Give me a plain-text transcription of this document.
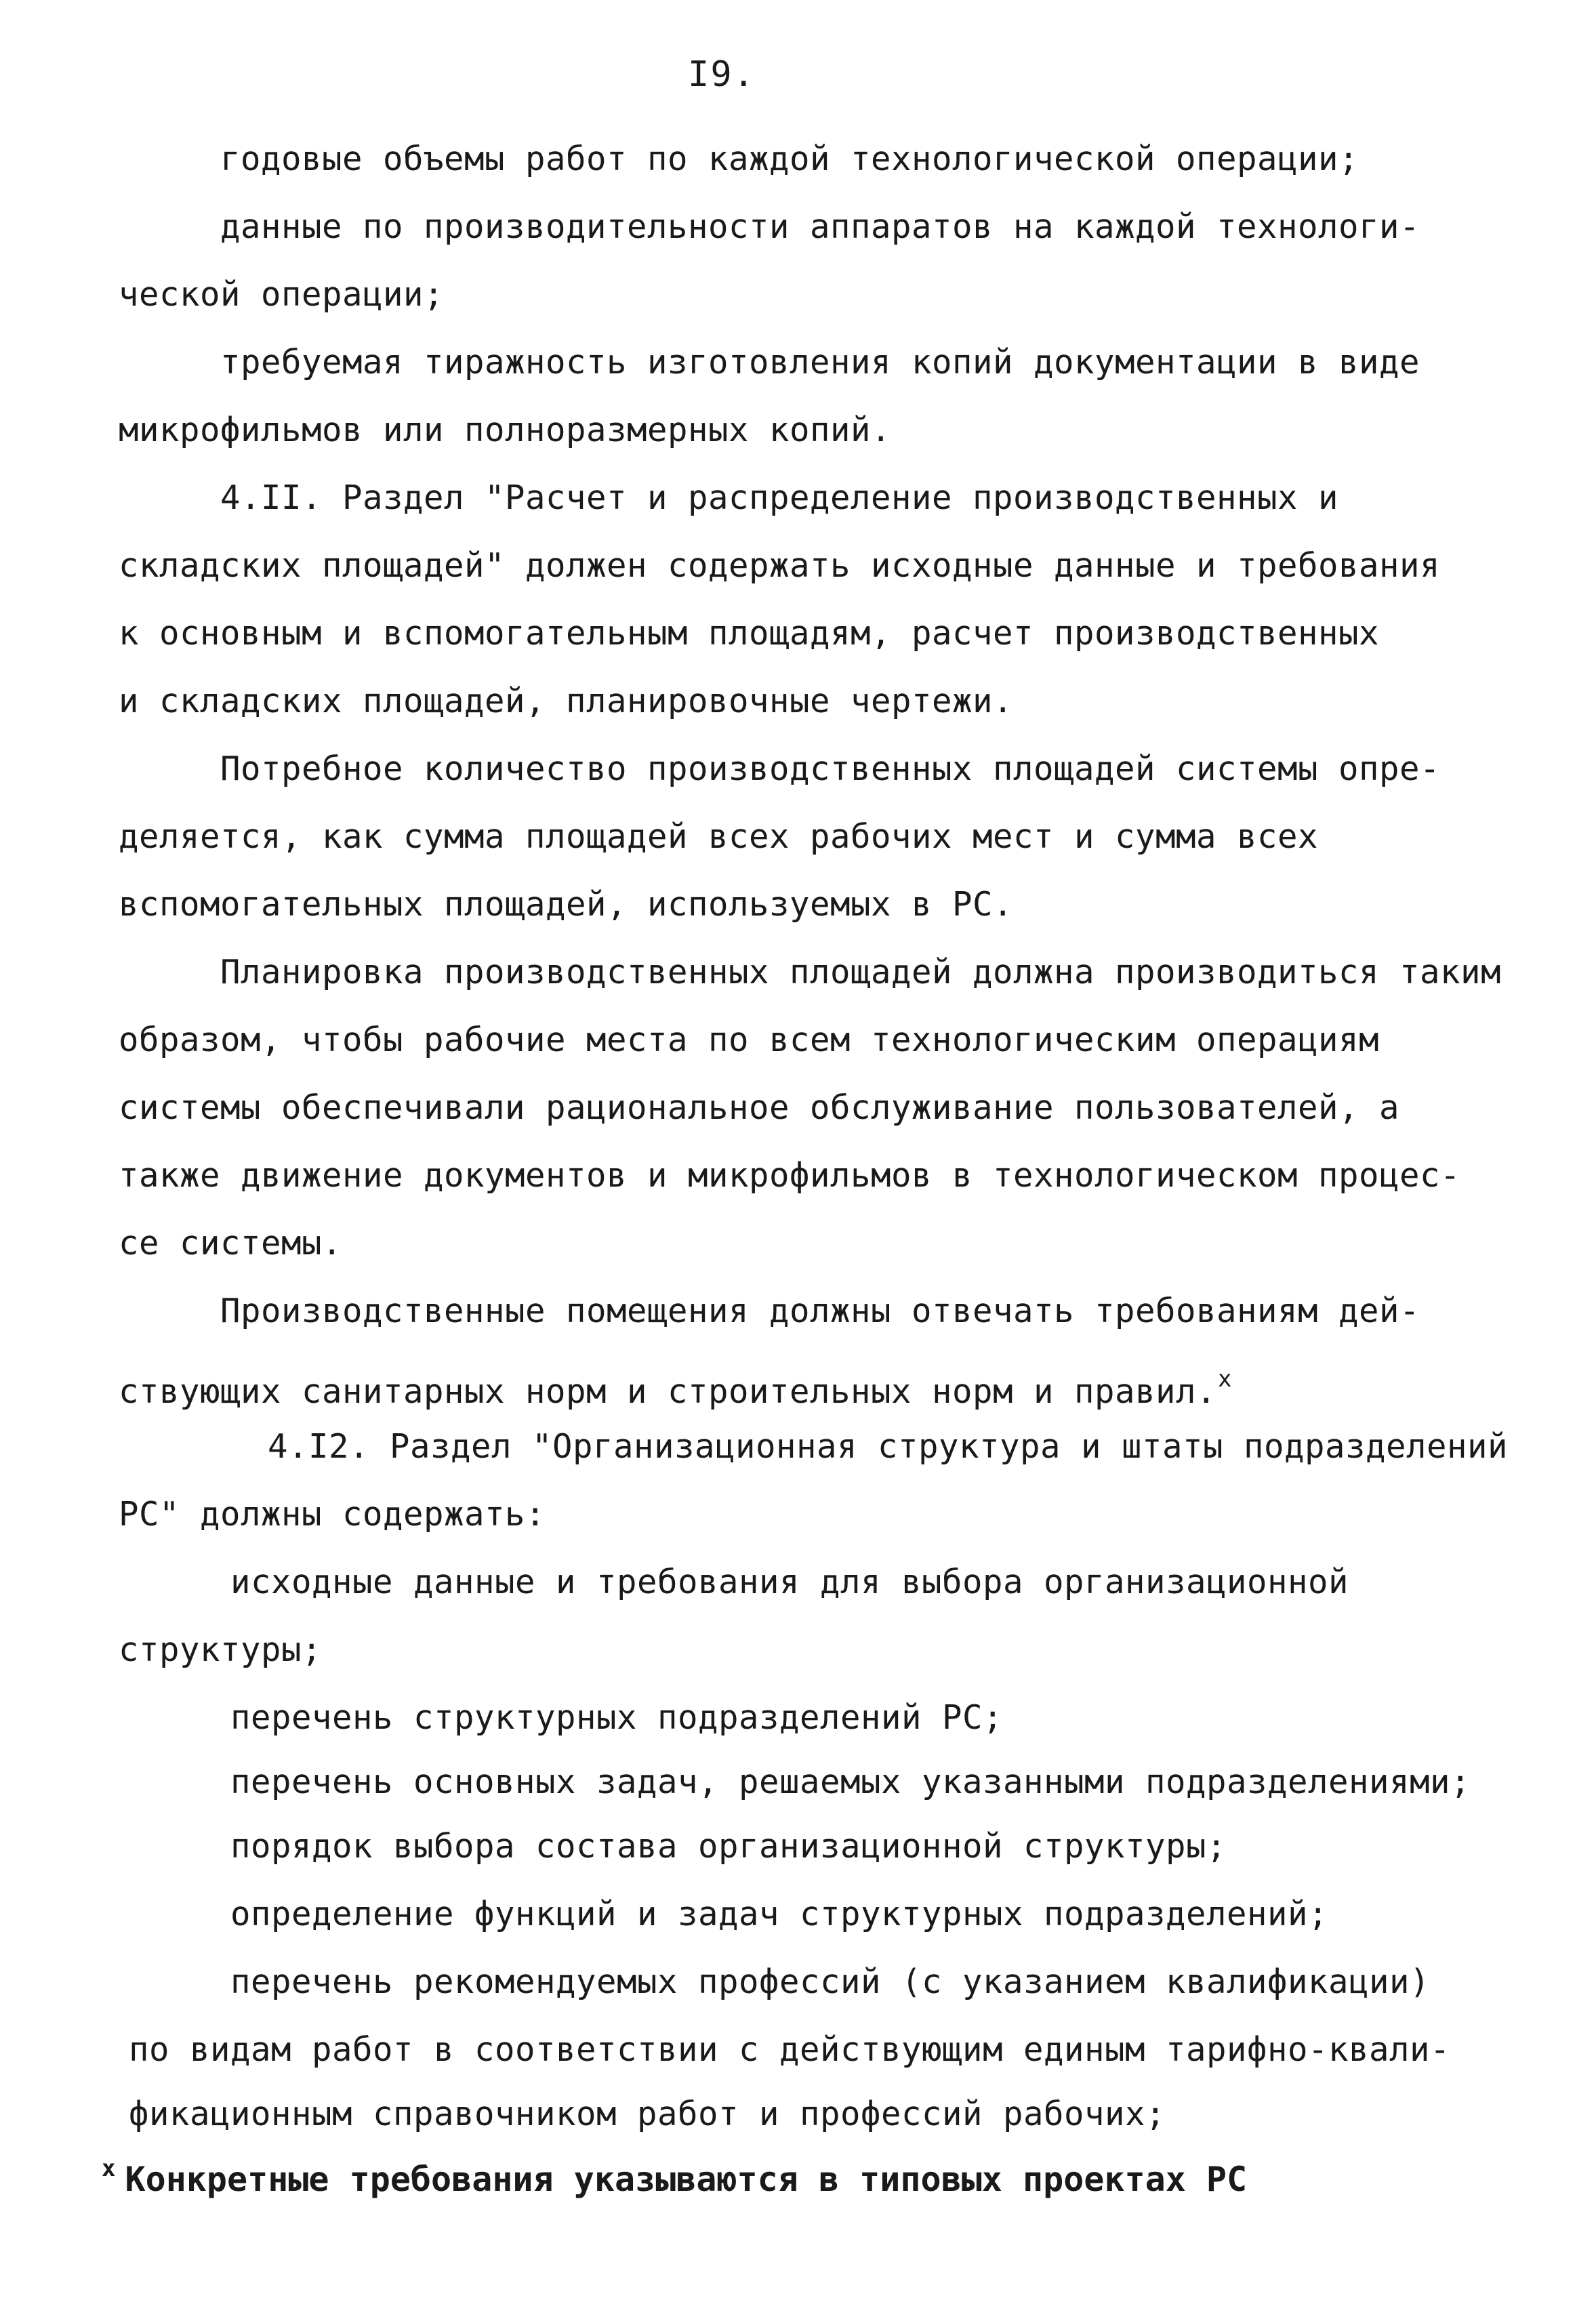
I9.
годовые объемы работ по каждой технологической операции;
данные по производительности аппаратов на каждой технологи-
ческой операции;
требуемая тиражность изготовления копий документации в виде
микрофильмов или полноразмерных копий.
4.II. Раздел "Расчет и распределение производственных и
складских площадей" должен содержать исходные данные и требования
к основным и вспомогательным площадям, расчет производственных
и складских площадей, планировочные чертежи.
Потребное количество производственных площадей системы опре-
деляется, как сумма площадей всех рабочих мест и сумма всех
вспомогательных площадей, используемых в РС.
Планировка производственных площадей должна производиться таким
образом, чтобы рабочие места по всем технологическим операциям
системы обеспечивали рациональное обслуживание пользователей, а
также движение документов и микрофильмов в технологическом процес-
се системы.
Производственные помещения должны отвечать требованиям дей-
ствующих санитарных норм и строительных норм и правил.$^х$
4.I2. Раздел "Организационная структура и штаты подразделений
РС" должны содержать:
исходные данные и требования для выбора организационной
структуры;
перечень структурных подразделений РС;
перечень основных задач, решаемых указанными подразделениями;
порядок выбора состава организационной структуры;
определение функций и задач структурных подразделений;
перечень рекомендуемых профессий (с указанием квалификации)
по видам работ в соответствии с действующим единым тарифно-квали-
фикационным справочником работ и профессий рабочих;
$^х$ Конкретные требования указываются в типовых проектах РС
